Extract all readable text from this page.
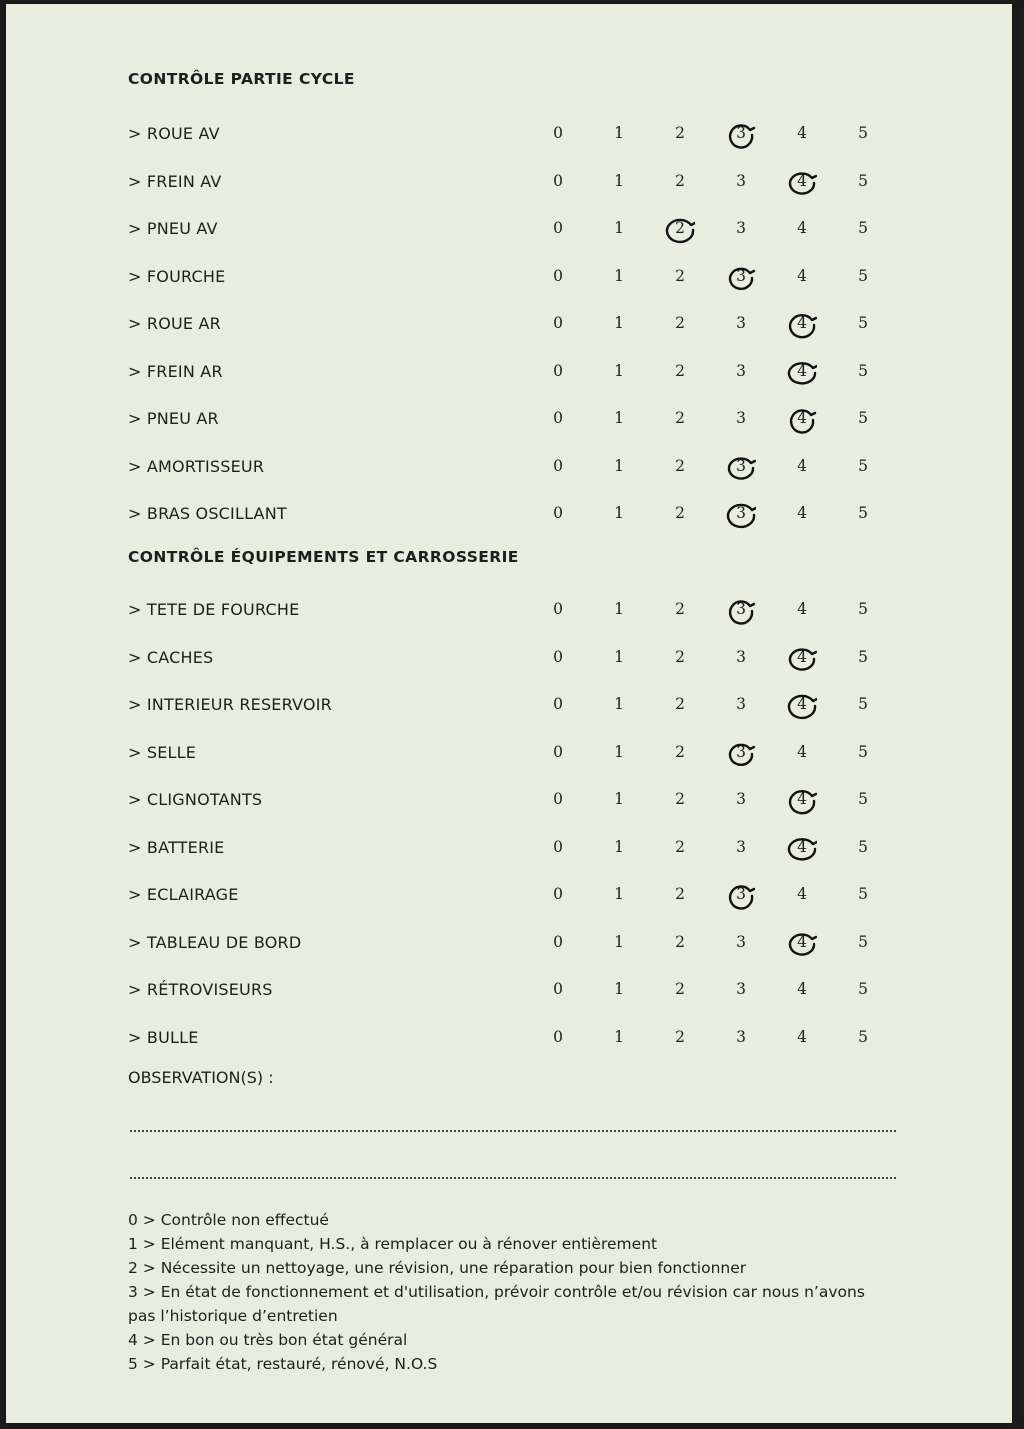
CONTRÔLE PARTIE CYCLE
> ROUE AV	0	1	2	3	4	5
> FREIN AV	0	1	2	3	4	5
> PNEU AV	0	1	2	3	4	5
> FOURCHE	0	1	2	3	4	5
> ROUE AR	0	1	2	3	4	5
> FREIN AR	0	1	2	3	4	5
> PNEU AR	0	1	2	3	4	5
> AMORTISSEUR	0	1	2	3	4	5
> BRAS OSCILLANT	0	1	2	3	4	5
CONTRÔLE ÉQUIPEMENTS ET CARROSSERIE
> TETE DE FOURCHE	0	1	2	3	4	5
> CACHES	0	1	2	3	4	5
> INTERIEUR RESERVOIR	0	1	2	3	4	5
> SELLE	0	1	2	3	4	5
> CLIGNOTANTS	0	1	2	3	4	5
> BATTERIE	0	1	2	3	4	5
> ECLAIRAGE	0	1	2	3	4	5
> TABLEAU DE BORD	0	1	2	3	4	5
> RÉTROVISEURS	0	1	2	3	4	5
> BULLE	0	1	2	3	4	5
OBSERVATION(S) :
0 > Contrôle non effectué
1 > Elément manquant, H.S., à remplacer ou à rénover entièrement
2 > Nécessite un nettoyage, une révision, une réparation pour bien fonctionner
3 > En état de fonctionnement et d'utilisation, prévoir contrôle et/ou révision car nous n’avons pas l’historique d’entretien
4 > En bon ou très bon état général
5 > Parfait état, restauré, rénové, N.O.S
